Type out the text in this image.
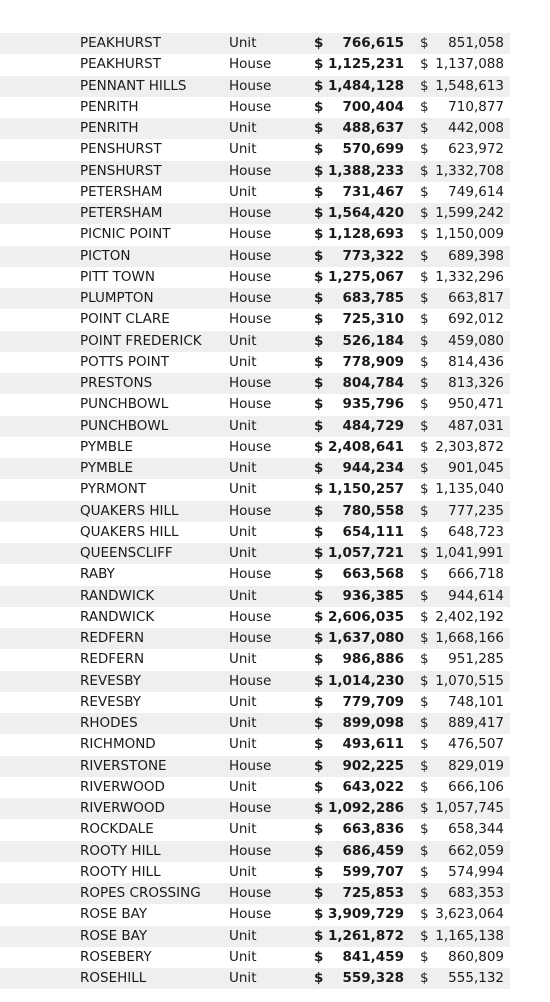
PEAKHURST	Unit	$ 766,615 $ 851,058
PEAKHURST	House	$ 1,125,231 $ 1,137,088
PENNANT HILLS	House	$ 1,484,128 $ 1,548,613
PENRITH	House	$ 700,404 $ 710,877
PENRITH	Unit	$ 488,637 $ 442,008
PENSHURST	Unit	$ 570,699 $ 623,972
PENSHURST	House	$ 1,388,233 $ 1,332,708
PETERSHAM	Unit	$ 731,467 $ 749,614
PETERSHAM	House	$ 1,564,420 $ 1,599,242
PICNIC POINT	House	$ 1,128,693 $ 1,150,009
PICTON	House	$ 773,322 $ 689,398
PITT TOWN	House	$ 1,275,067 $ 1,332,296
PLUMPTON	House	$ 683,785 $ 663,817
POINT CLARE	House	$ 725,310 $ 692,012
POINT FREDERICK Unit	$ 526,184 $ 459,080
POTTS POINT	Unit	$ 778,909 $ 814,436
PRESTONS	House	$ 804,784 $ 813,326
PUNCHBOWL	House	$ 935,796 $ 950,471
PUNCHBOWL	Unit	$ 484,729 $ 487,031
PYMBLE	House	$ 2,408,641 $ 2,303,872
PYMBLE	Unit	$ 944,234 $ 901,045
PYRMONT	Unit	$ 1,150,257 $ 1,135,040
QUAKERS HILL	House	$ 780,558 $ 777,235
QUAKERS HILL	Unit	$ 654,111 $ 648,723
QUEENSCLIFF	Unit	$ 1,057,721 $ 1,041,991
RABY	House	$ 663,568 $ 666,718
RANDWICK	Unit	$ 936,385 $ 944,614
RANDWICK	House	$ 2,606,035 $ 2,402,192
REDFERN	House	$ 1,637,080 $ 1,668,166
REDFERN	Unit	$ 986,886 $ 951,285
REVESBY	House	$ 1,014,230 $ 1,070,515
REVESBY	Unit	$ 779,709 $ 748,101
RHODES	Unit	$ 899,098 $ 889,417
RICHMOND	Unit	$ 493,611 $ 476,507
RIVERSTONE	House	$ 902,225 $ 829,019
RIVERWOOD	Unit	$ 643,022 $ 666,106
RIVERWOOD	House	$ 1,092,286 $ 1,057,745
ROCKDALE	Unit	$ 663,836 $ 658,344
ROOTY HILL	House	$ 686,459 $ 662,059
ROOTY HILL	Unit	$ 599,707 $ 574,994
ROPES CROSSING House	$ 725,853 $ 683,353
ROSE BAY	House	$ 3,909,729 $ 3,623,064
ROSE BAY	Unit	$ 1,261,872 $ 1,165,138
ROSEBERY	Unit	$ 841,459 $ 860,809
ROSEHILL	Unit	$ 559,328 $ 555,132
